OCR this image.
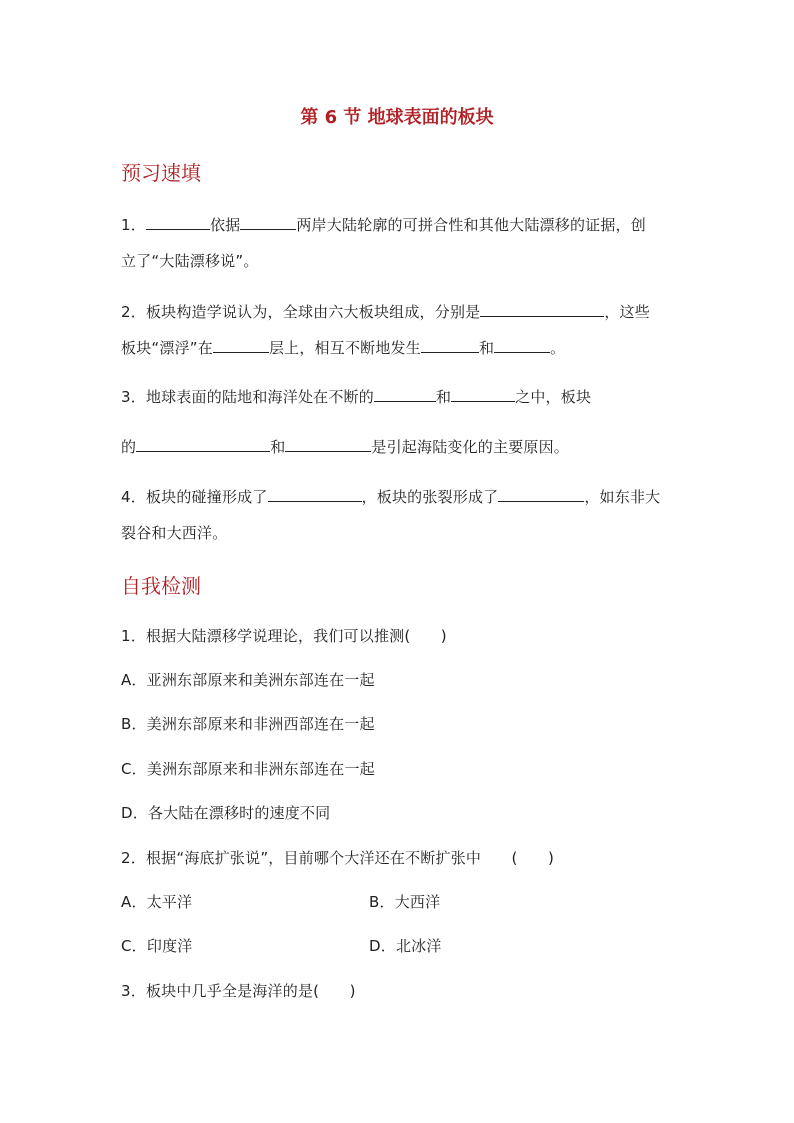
第 6 节 地球表面的板块
预习速填
1．	依据	两岸大陆轮廓的可拼合性和其他大陆漂移的证据，创
立了“大陆漂移说”。
2．板块构造学说认为，全球由六大板块组成，分别是	，这些
板块“漂浮”在	层上，相互不断地发生	和	。
3．地球表面的陆地和海洋处在不断的	和	之中，板块
的	和	是引起海陆变化的主要原因。
4．板块的碰撞形成了	，板块的张裂形成了	，如东非大
裂谷和大西洋。
自我检测
1．根据大陆漂移学说理论，我们可以推测(　　)
A．亚洲东部原来和美洲东部连在一起
B．美洲东部原来和非洲西部连在一起
C．美洲东部原来和非洲东部连在一起
D．各大陆在漂移时的速度不同
2．根据“海底扩张说”，目前哪个大洋还在不断扩张中　　(　　)
A．太平洋	B．大西洋
C．印度洋	D．北冰洋
3．板块中几乎全是海洋的是(　　)
